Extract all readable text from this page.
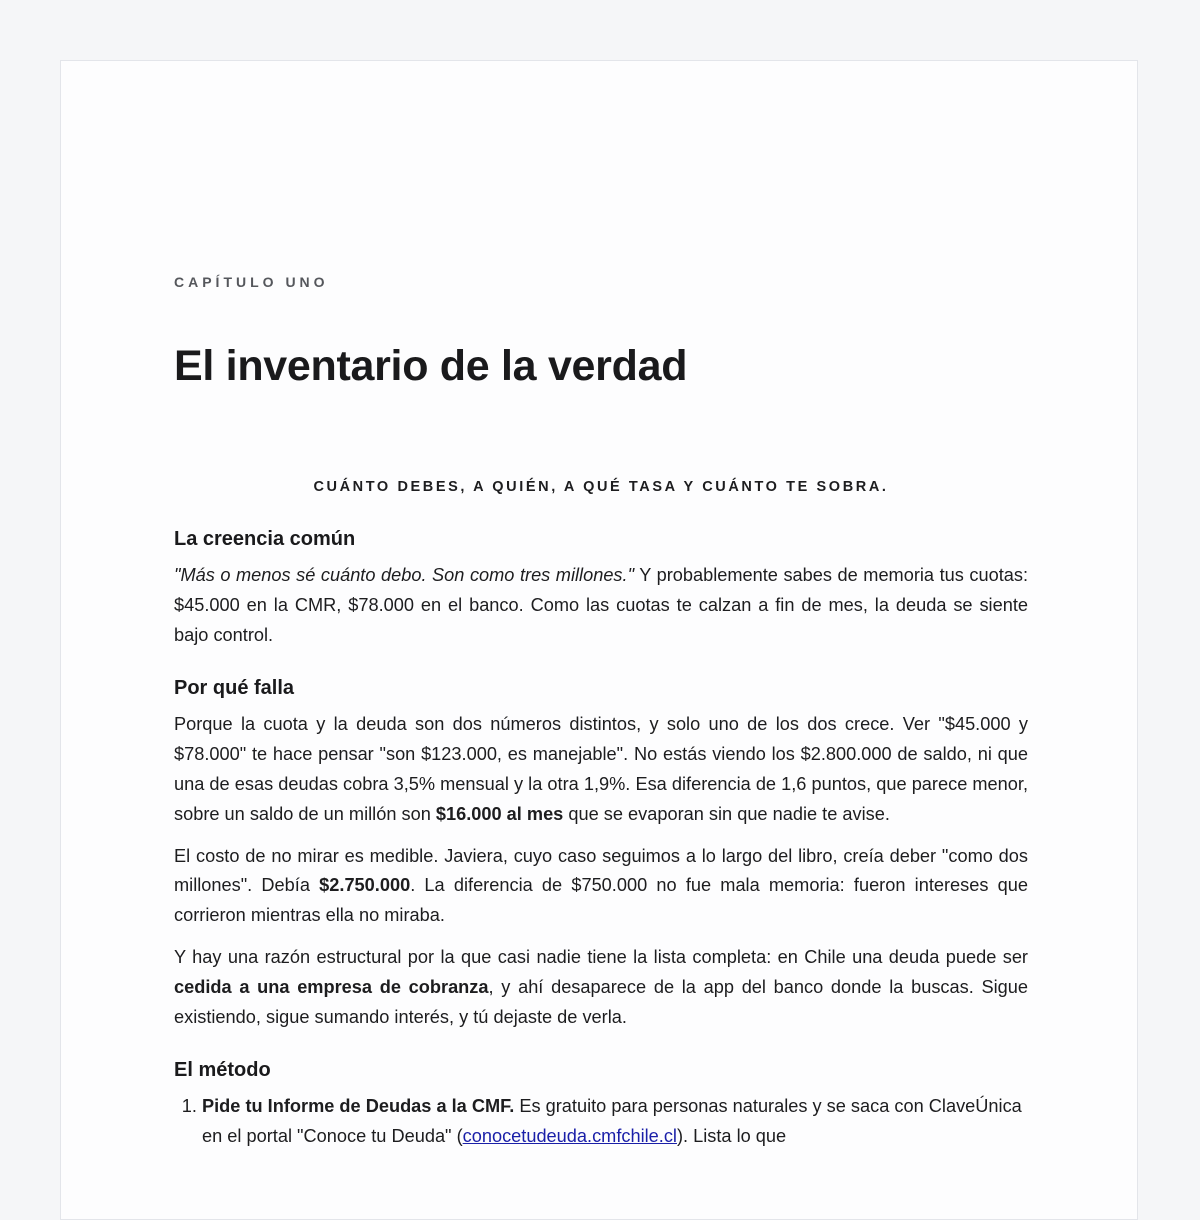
CAPÍTULO UNO
El inventario de la verdad
CUÁNTO DEBES, A QUIÉN, A QUÉ TASA Y CUÁNTO TE SOBRA.
La creencia común

"Más o menos sé cuánto debo. Son como tres millones." Y probablemente sabes de memoria tus cuotas: $45.000 en la CMR, $78.000 en el banco. Como las cuotas te calzan a fin de mes, la deuda se siente bajo control.

Por qué falla

Porque la cuota y la deuda son dos números distintos, y solo uno de los dos crece. Ver "$45.000 y $78.000" te hace pensar "son $123.000, es manejable". No estás viendo los $2.800.000 de saldo, ni que una de esas deudas cobra 3,5% mensual y la otra 1,9%. Esa diferencia de 1,6 puntos, que parece menor, sobre un saldo de un millón son $16.000 al mes que se evaporan sin que nadie te avise.

El costo de no mirar es medible. Javiera, cuyo caso seguimos a lo largo del libro, creía deber "como dos millones". Debía $2.750.000. La diferencia de $750.000 no fue mala memoria: fueron intereses que corrieron mientras ella no miraba.

Y hay una razón estructural por la que casi nadie tiene la lista completa: en Chile una deuda puede ser cedida a una empresa de cobranza, y ahí desaparece de la app del banco donde la buscas. Sigue existiendo, sigue sumando interés, y tú dejaste de verla.

El método
1. Pide tu Informe de Deudas a la CMF. Es gratuito para personas naturales y se saca con ClaveÚnica en el portal "Conoce tu Deuda" (conocetudeuda.cmfchile.cl). Lista lo que
